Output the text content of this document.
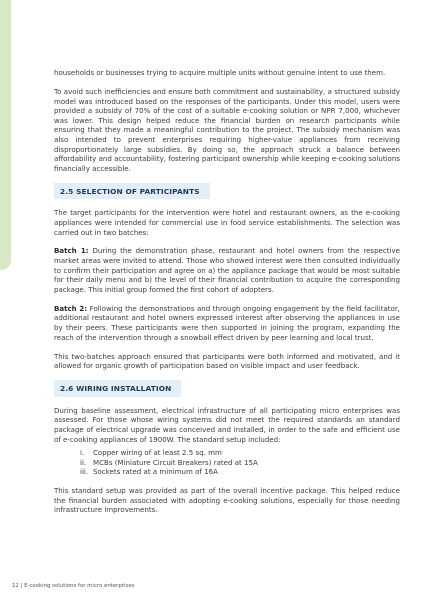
households or businesses trying to acquire multiple units without genuine intent to use them.

To avoid such inefficiencies and ensure both commitment and sustainability, a structured subsidy model was introduced based on the responses of the participants. Under this model, users were provided a subsidy of 70% of the cost of a suitable e-cooking solution or NPR 7,000, whichever was lower. This design helped reduce the financial burden on research participants while ensuring that they made a meaningful contribution to the project. The subsidy mechanism was also intended to prevent enterprises requiring higher-value appliances from receiving disproportionately large subsidies. By doing so, the approach struck a balance between affordability and accountability, fostering participant ownership while keeping e-cooking solutions financially accessible.

2.5 SELECTION OF PARTICIPANTS

The target participants for the intervention were hotel and restaurant owners, as the e-cooking appliances were intended for commercial use in food service establishments. The selection was carried out in two batches:

Batch 1: During the demonstration phase, restaurant and hotel owners from the respective market areas were invited to attend. Those who showed interest were then consulted individually to confirm their participation and agree on a) the appliance package that would be most suitable for their daily menu and b) the level of their financial contribution to acquire the corresponding package. This initial group formed the first cohort of adopters.

Batch 2: Following the demonstrations and through ongoing engagement by the field facilitator, additional restaurant and hotel owners expressed interest after observing the appliances in use by their peers. These participants were then supported in joining the program, expanding the reach of the intervention through a snowball effect driven by peer learning and local trust.

This two-batches approach ensured that participants were both informed and motivated, and it allowed for organic growth of participation based on visible impact and user feedback.

2.6 WIRING INSTALLATION

During baseline assessment, electrical infrastructure of all participating micro enterprises was assessed. For those whose wiring systems did not meet the required standards an standard package of electrical upgrade was conceived and installed, in order to the safe and efficient use of e-cooking appliances of 1900W. The standard setup included:

i.	Copper wiring of at least 2.5 sq. mm
ii. MCBs (Miniature Circuit Breakers) rated at 15A
iii. Sockets rated at a minimum of 16A

This standard setup was provided as part of the overall incentive package. This helped reduce the financial burden associated with adopting e-cooking solutions, especially for those needing infrastructure improvements.

12 | E-cooking solutions for micro enterprises
